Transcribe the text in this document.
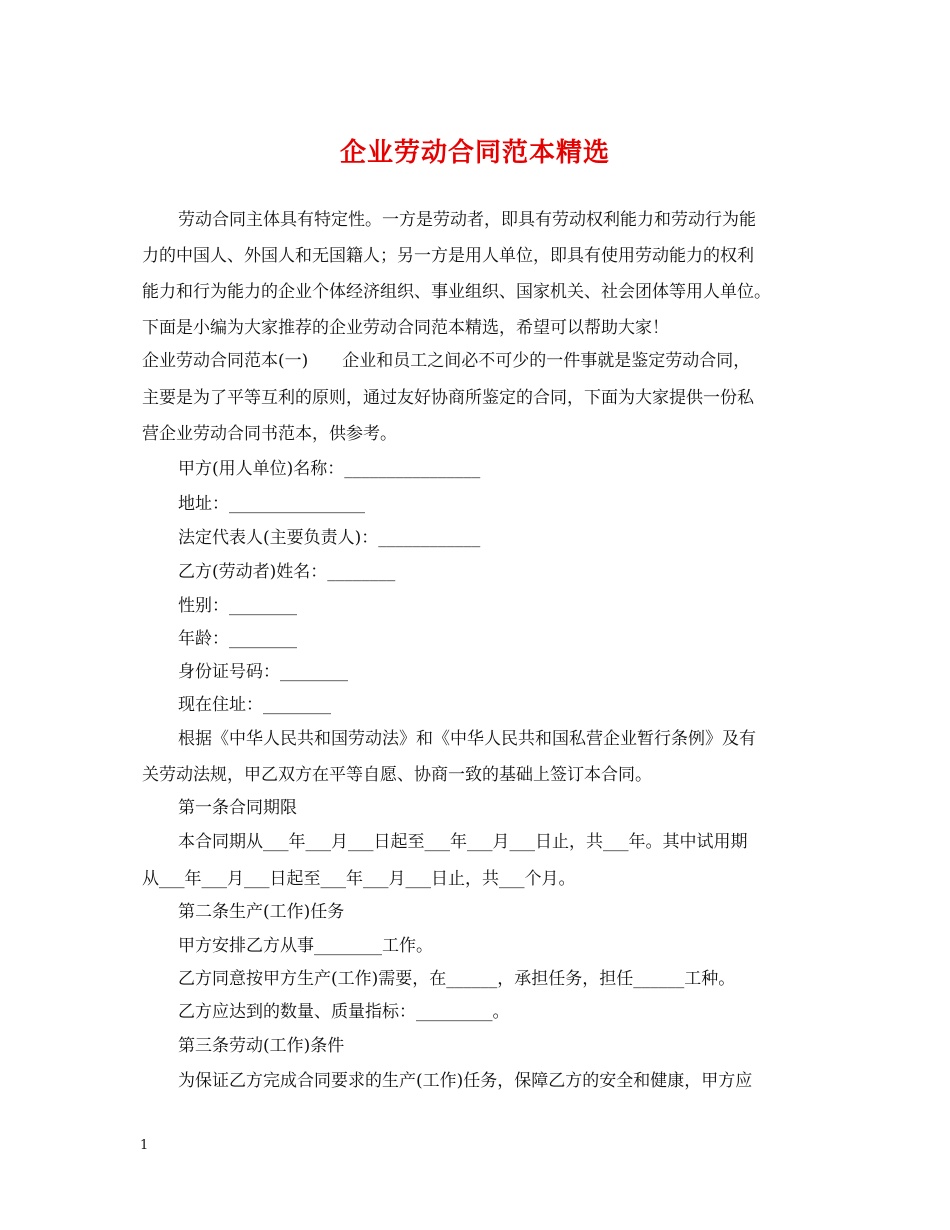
企业劳动合同范本精选
劳动合同主体具有特定性。一方是劳动者，即具有劳动权利能力和劳动行为能
力的中国人、外国人和无国籍人；另一方是用人单位，即具有使用劳动能力的权利
能力和行为能力的企业个体经济组织、事业组织、国家机关、社会团体等用人单位。
下面是小编为大家推荐的企业劳动合同范本精选，希望可以帮助大家！
企业劳动合同范本(一)　　企业和员工之间必不可少的一件事就是鉴定劳动合同，
主要是为了平等互利的原则，通过友好协商所鉴定的合同，下面为大家提供一份私
营企业劳动合同书范本，供参考。
甲方(用人单位)名称：________________
地址：________________
法定代表人(主要负责人)：____________
乙方(劳动者)姓名：________
性别：________
年龄：________
身份证号码：________
现在住址：________
根据《中华人民共和国劳动法》和《中华人民共和国私营企业暂行条例》及有
关劳动法规，甲乙双方在平等自愿、协商一致的基础上签订本合同。
第一条合同期限
本合同期从___年___月___日起至___年___月___日止，共___年。其中试用期
从___年___月___日起至___年___月___日止，共___个月。
第二条生产(工作)任务
甲方安排乙方从事________工作。
乙方同意按甲方生产(工作)需要，在______，承担任务，担任______工种。
乙方应达到的数量、质量指标：_________。
第三条劳动(工作)条件
为保证乙方完成合同要求的生产(工作)任务，保障乙方的安全和健康，甲方应
1
